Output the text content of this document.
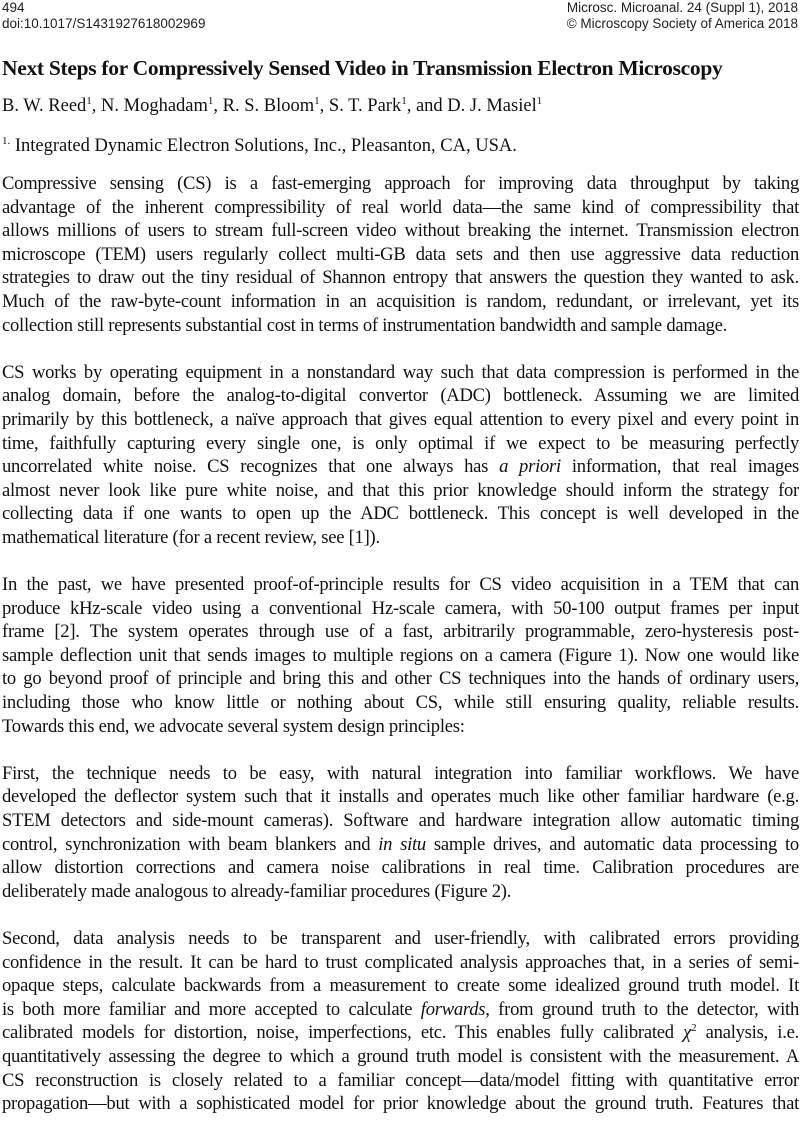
494
doi:10.1017/S1431927618002969
Microsc. Microanal. 24 (Suppl 1), 2018
© Microscopy Society of America 2018
Next Steps for Compressively Sensed Video in Transmission Electron Microscopy
B. W. Reed$^1$, N. Moghadam$^1$, R. S. Bloom$^1$, S. T. Park$^1$, and D. J. Masiel$^1$
$^{1.}$ Integrated Dynamic Electron Solutions, Inc., Pleasanton, CA, USA.
Compressive sensing (CS) is a fast-emerging approach for improving data throughput by taking
advantage of the inherent compressibility of real world data—the same kind of compressibility that
allows millions of users to stream full-screen video without breaking the internet. Transmission electron
microscope (TEM) users regularly collect multi-GB data sets and then use aggressive data reduction
strategies to draw out the tiny residual of Shannon entropy that answers the question they wanted to ask.
Much of the raw-byte-count information in an acquisition is random, redundant, or irrelevant, yet its
collection still represents substantial cost in terms of instrumentation bandwidth and sample damage.
CS works by operating equipment in a nonstandard way such that data compression is performed in the
analog domain, before the analog-to-digital convertor (ADC) bottleneck. Assuming we are limited
primarily by this bottleneck, a naïve approach that gives equal attention to every pixel and every point in
time, faithfully capturing every single one, is only optimal if we expect to be measuring perfectly
uncorrelated white noise. CS recognizes that one always has a priori information, that real images
almost never look like pure white noise, and that this prior knowledge should inform the strategy for
collecting data if one wants to open up the ADC bottleneck. This concept is well developed in the
mathematical literature (for a recent review, see [1]).
In the past, we have presented proof-of-principle results for CS video acquisition in a TEM that can
produce kHz-scale video using a conventional Hz-scale camera, with 50-100 output frames per input
frame [2]. The system operates through use of a fast, arbitrarily programmable, zero-hysteresis post-
sample deflection unit that sends images to multiple regions on a camera (Figure 1). Now one would like
to go beyond proof of principle and bring this and other CS techniques into the hands of ordinary users,
including those who know little or nothing about CS, while still ensuring quality, reliable results.
Towards this end, we advocate several system design principles:
First, the technique needs to be easy, with natural integration into familiar workflows. We have
developed the deflector system such that it installs and operates much like other familiar hardware (e.g.
STEM detectors and side-mount cameras). Software and hardware integration allow automatic timing
control, synchronization with beam blankers and in situ sample drives, and automatic data processing to
allow distortion corrections and camera noise calibrations in real time. Calibration procedures are
deliberately made analogous to already-familiar procedures (Figure 2).
Second, data analysis needs to be transparent and user-friendly, with calibrated errors providing
confidence in the result. It can be hard to trust complicated analysis approaches that, in a series of semi-
opaque steps, calculate backwards from a measurement to create some idealized ground truth model. It
is both more familiar and more accepted to calculate forwards, from ground truth to the detector, with
calibrated models for distortion, noise, imperfections, etc. This enables fully calibrated $\chi^2$ analysis, i.e.
quantitatively assessing the degree to which a ground truth model is consistent with the measurement. A
CS reconstruction is closely related to a familiar concept—data/model fitting with quantitative error
propagation—but with a sophisticated model for prior knowledge about the ground truth. Features that
